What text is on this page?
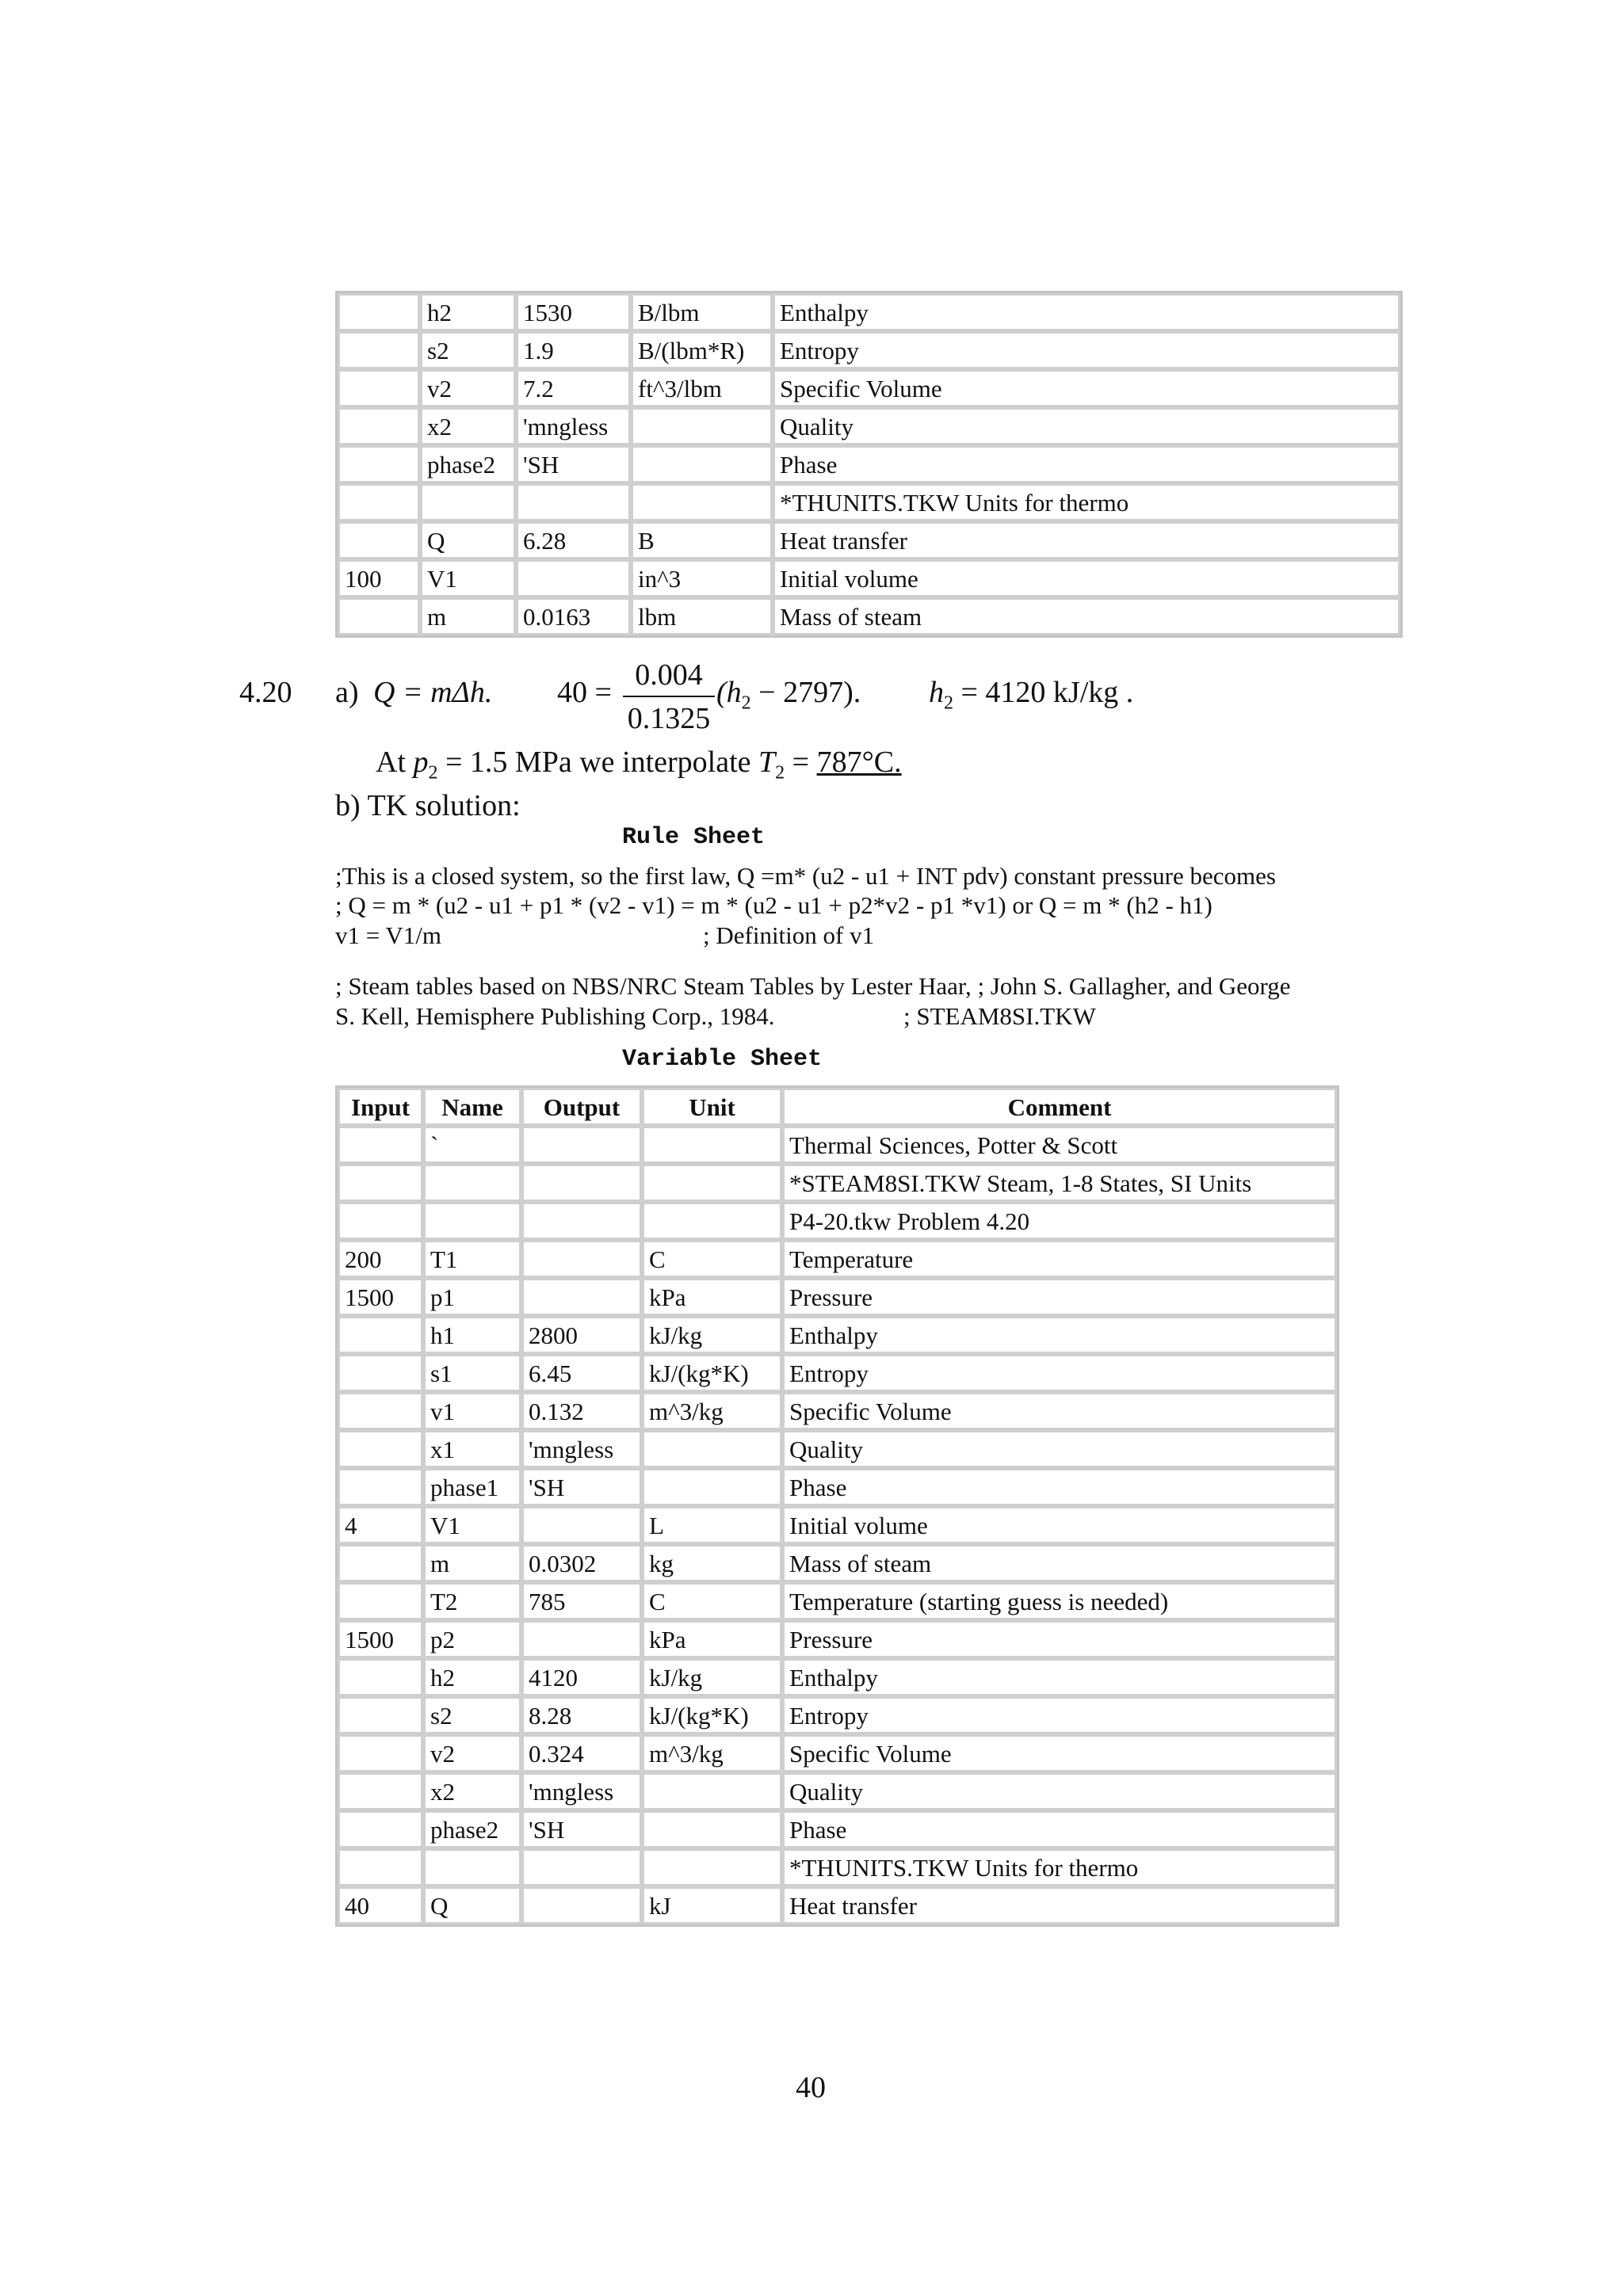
	h2	1530	B/lbm	Enthalpy
	s2	1.9	B/(lbm*R)	Entropy
	v2	7.2	ft^3/lbm	Specific Volume
	x2	'mngless		Quality
	phase2	'SH		Phase
				*THUNITS.TKW Units for thermo
	Q	6.28	B	Heat transfer
100	V1		in^3	Initial volume
	m	0.0163	lbm	Mass of steam
4.20 a) Q = mΔh. 40 =
0.004
0.1325
$(h_2 - 2797)$. $h_2 = 4120$ kJ/kg .
At $p_2 = 1.5$ MPa we interpolate $T_2 = 787^\circ C$.
b) TK solution:
Rule Sheet
;This is a closed system, so the first law, Q =m* (u2 - u1 + INT pdv) constant pressure becomes
; Q = m * (u2 - u1 + p1 * (v2 - v1) = m * (u2 - u1 + p2*v2 - p1 *v1) or Q = m * (h2 - h1)
v1 = V1/m	; Definition of v1
; Steam tables based on NBS/NRC Steam Tables by Lester Haar, ; John S. Gallagher, and George
S. Kell, Hemisphere Publishing Corp., 1984.	; STEAM8SI.TKW
Variable Sheet
Input	Name	Output	Unit	Comment
	`			Thermal Sciences, Potter & Scott
				*STEAM8SI.TKW Steam, 1-8 States, SI Units
				P4-20.tkw Problem 4.20
200	T1		C	Temperature
1500	p1		kPa	Pressure
	h1	2800	kJ/kg	Enthalpy
	s1	6.45	kJ/(kg*K)	Entropy
	v1	0.132	m^3/kg	Specific Volume
	x1	'mngless		Quality
	phase1	'SH		Phase
4	V1		L	Initial volume
	m	0.0302	kg	Mass of steam
	T2	785	C	Temperature (starting guess is needed)
1500	p2		kPa	Pressure
	h2	4120	kJ/kg	Enthalpy
	s2	8.28	kJ/(kg*K)	Entropy
	v2	0.324	m^3/kg	Specific Volume
	x2	'mngless		Quality
	phase2	'SH		Phase
				*THUNITS.TKW Units for thermo
40	Q		kJ	Heat transfer
40
